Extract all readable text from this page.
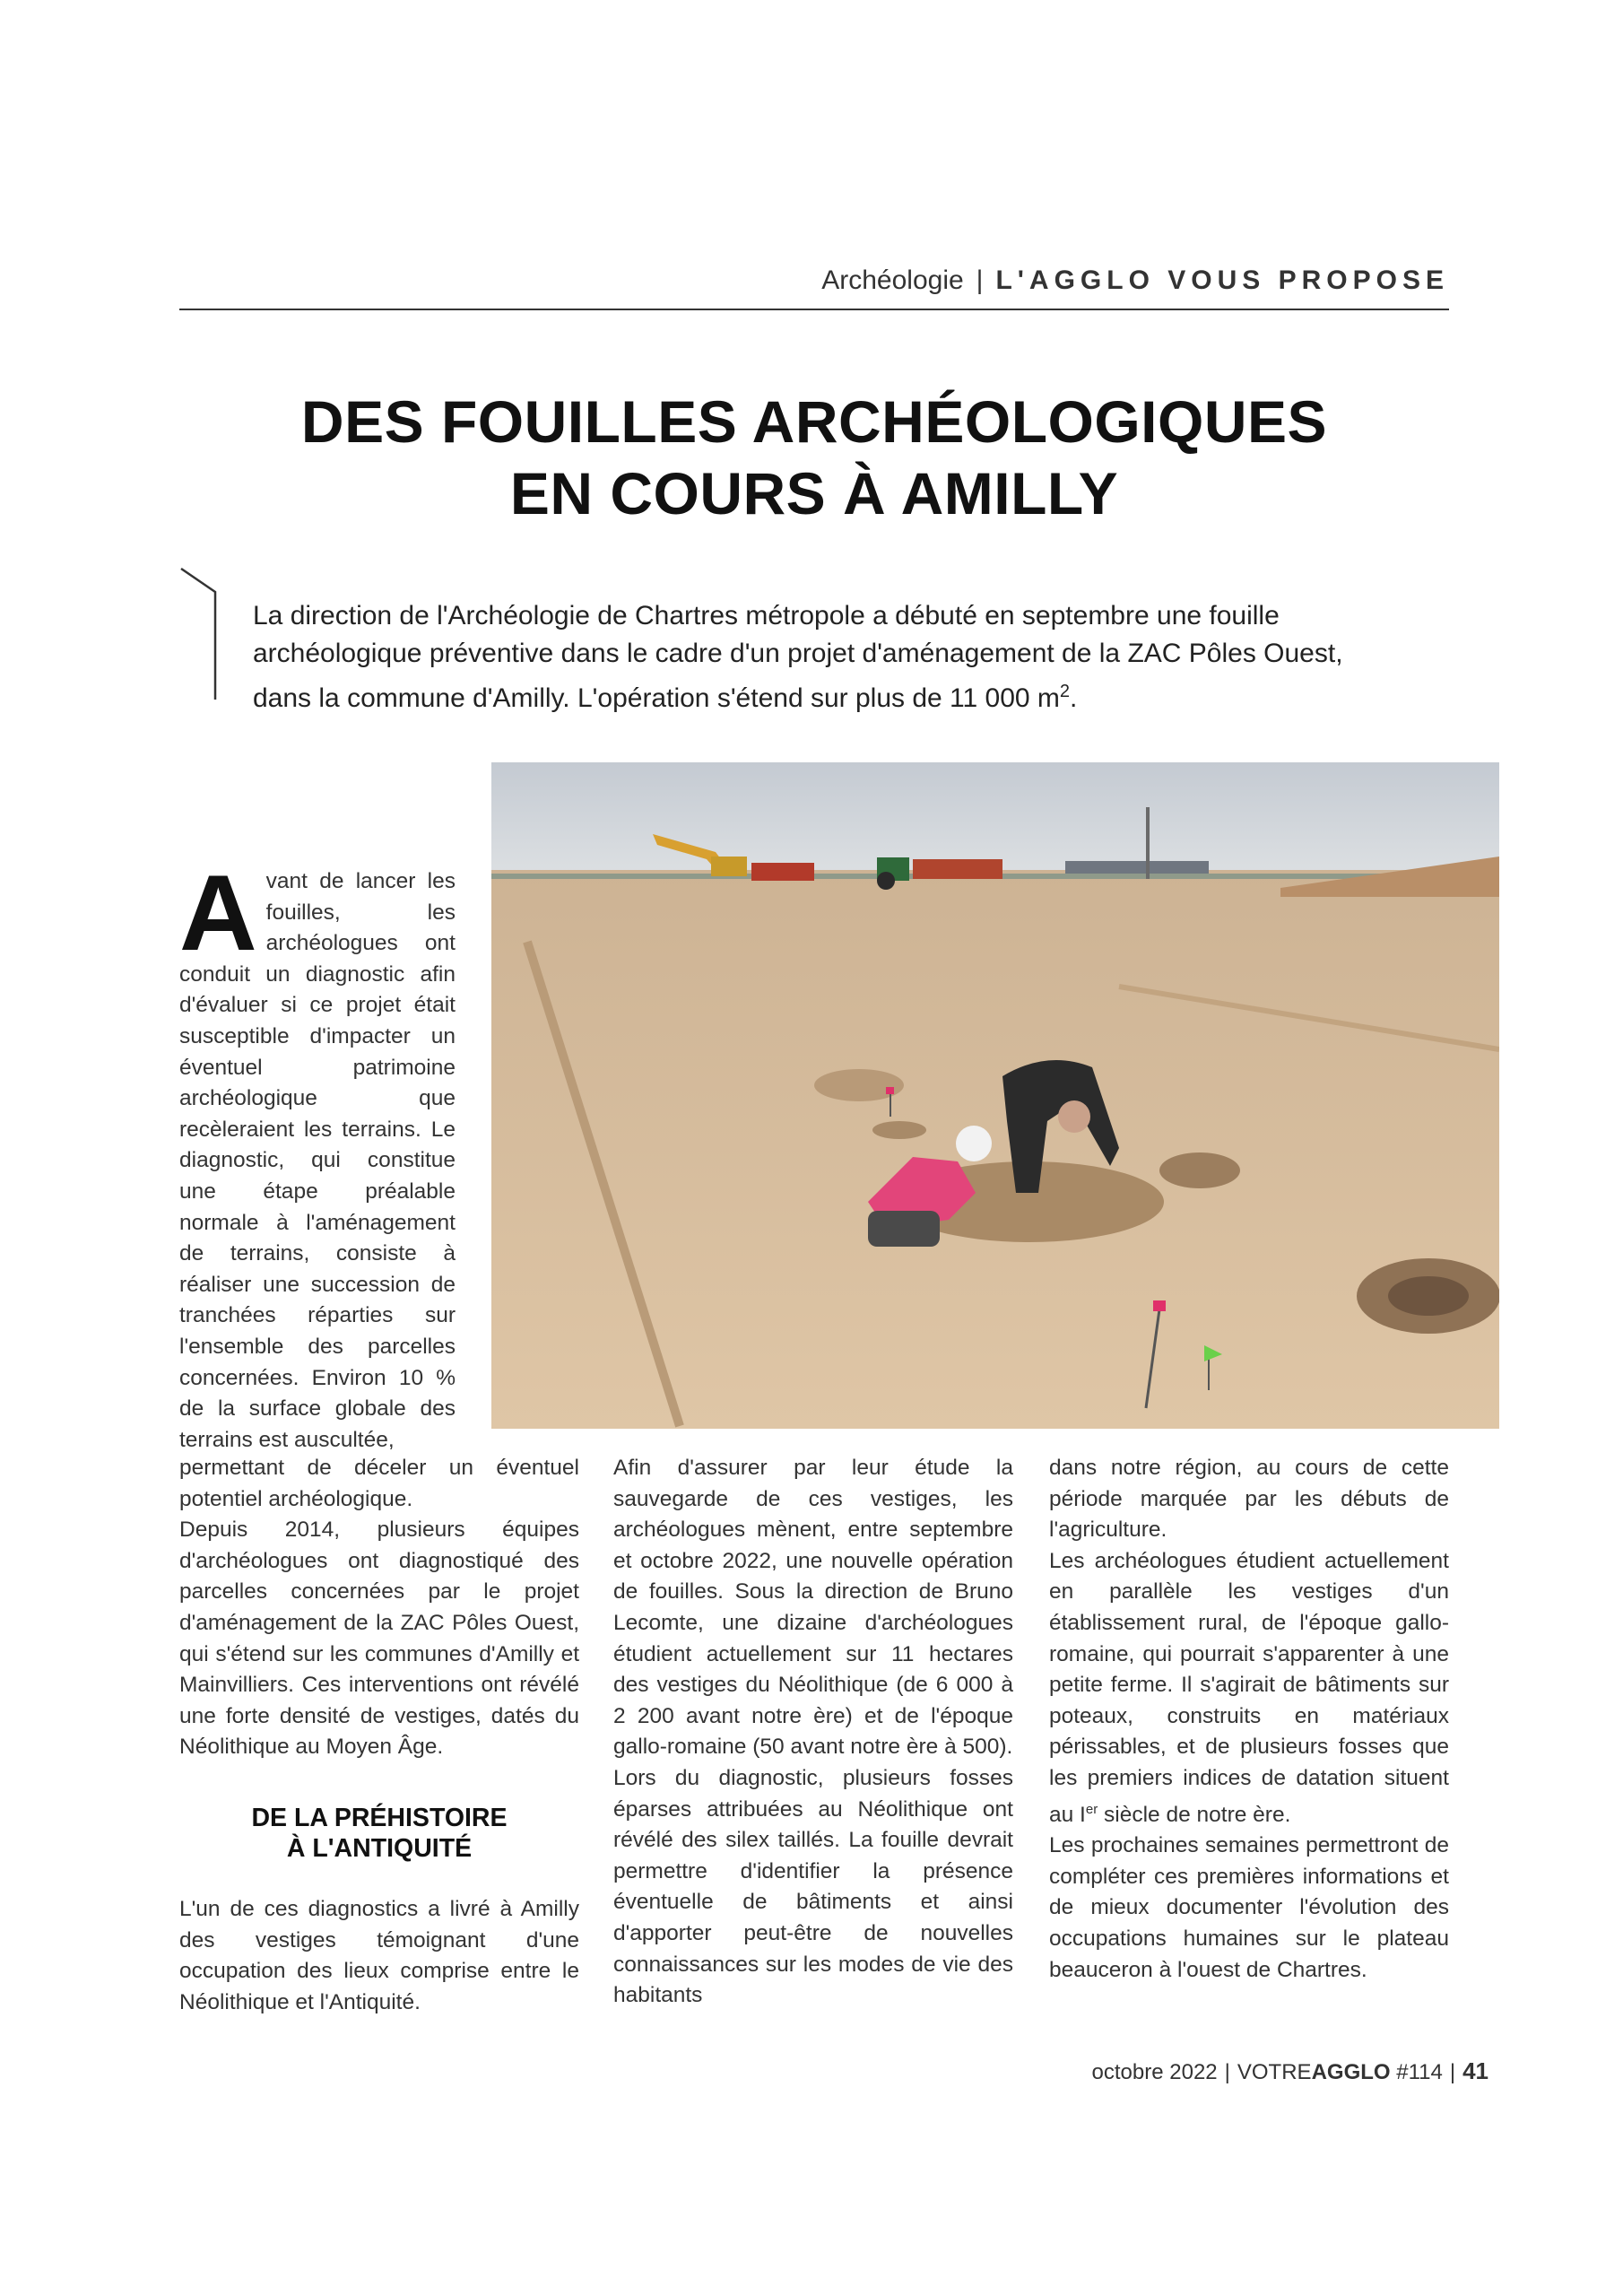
Archéologie | L'AGGLO VOUS PROPOSE
DES FOUILLES ARCHÉOLOGIQUES
EN COURS À AMILLY
La direction de l'Archéologie de Chartres métropole a débuté en septembre une fouille
archéologique préventive dans le cadre d'un projet d'aménagement de la ZAC Pôles Ouest,
dans la commune d'Amilly. L'opération s'étend sur plus de 11 000 $m^2$.

Avant de lancer les fouilles, les archéologues ont conduit un diagnostic afin d'évaluer si ce projet était susceptible d'impacter un éventuel patrimoine archéologique que recèleraient les terrains. Le diagnostic, qui constitue une étape préalable normale à l'aménagement de terrains, consiste à réaliser une succession de tranchées réparties sur l'ensemble des parcelles concernées. Environ 10 % de la surface globale des terrains est auscultée,

permettant de déceler un éventuel potentiel archéologique.

Depuis 2014, plusieurs équipes d'archéologues ont diagnostiqué des parcelles concernées par le projet d'aménagement de la ZAC Pôles Ouest, qui s'étend sur les communes d'Amilly et Mainvilliers. Ces interventions ont révélé une forte densité de vestiges, datés du Néolithique au Moyen Âge.

DE LA PRÉHISTOIRE
À L'ANTIQUITÉ

L'un de ces diagnostics a livré à Amilly des vestiges témoignant d'une occupation des lieux comprise entre le Néolithique et l'Antiquité.

Afin d'assurer par leur étude la sauvegarde de ces vestiges, les archéologues mènent, entre septembre et octobre 2022, une nouvelle opération de fouilles. Sous la direction de Bruno Lecomte, une dizaine d'archéologues étudient actuellement sur 11 hectares des vestiges du Néolithique (de 6 000 à 2 200 avant notre ère) et de l'époque gallo-romaine (50 avant notre ère à 500).

Lors du diagnostic, plusieurs fosses éparses attribuées au Néolithique ont révélé des silex taillés. La fouille devrait permettre d'identifier la présence éventuelle de bâtiments et ainsi d'apporter peut-être de nouvelles connaissances sur les modes de vie des habitants

dans notre région, au cours de cette période marquée par les débuts de l'agriculture.

Les archéologues étudient actuellement en parallèle les vestiges d'un établissement rural, de l'époque gallo-romaine, qui pourrait s'apparenter à une petite ferme. Il s'agirait de bâtiments sur poteaux, construits en matériaux périssables, et de plusieurs fosses que les premiers indices de datation situent au Ier siècle de notre ère.

Les prochaines semaines permettront de compléter ces premières informations et de mieux documenter l'évolution des occupations humaines sur le plateau beauceron à l'ouest de Chartres.

octobre 2022 | VOTREAGGLO #114 | 41
